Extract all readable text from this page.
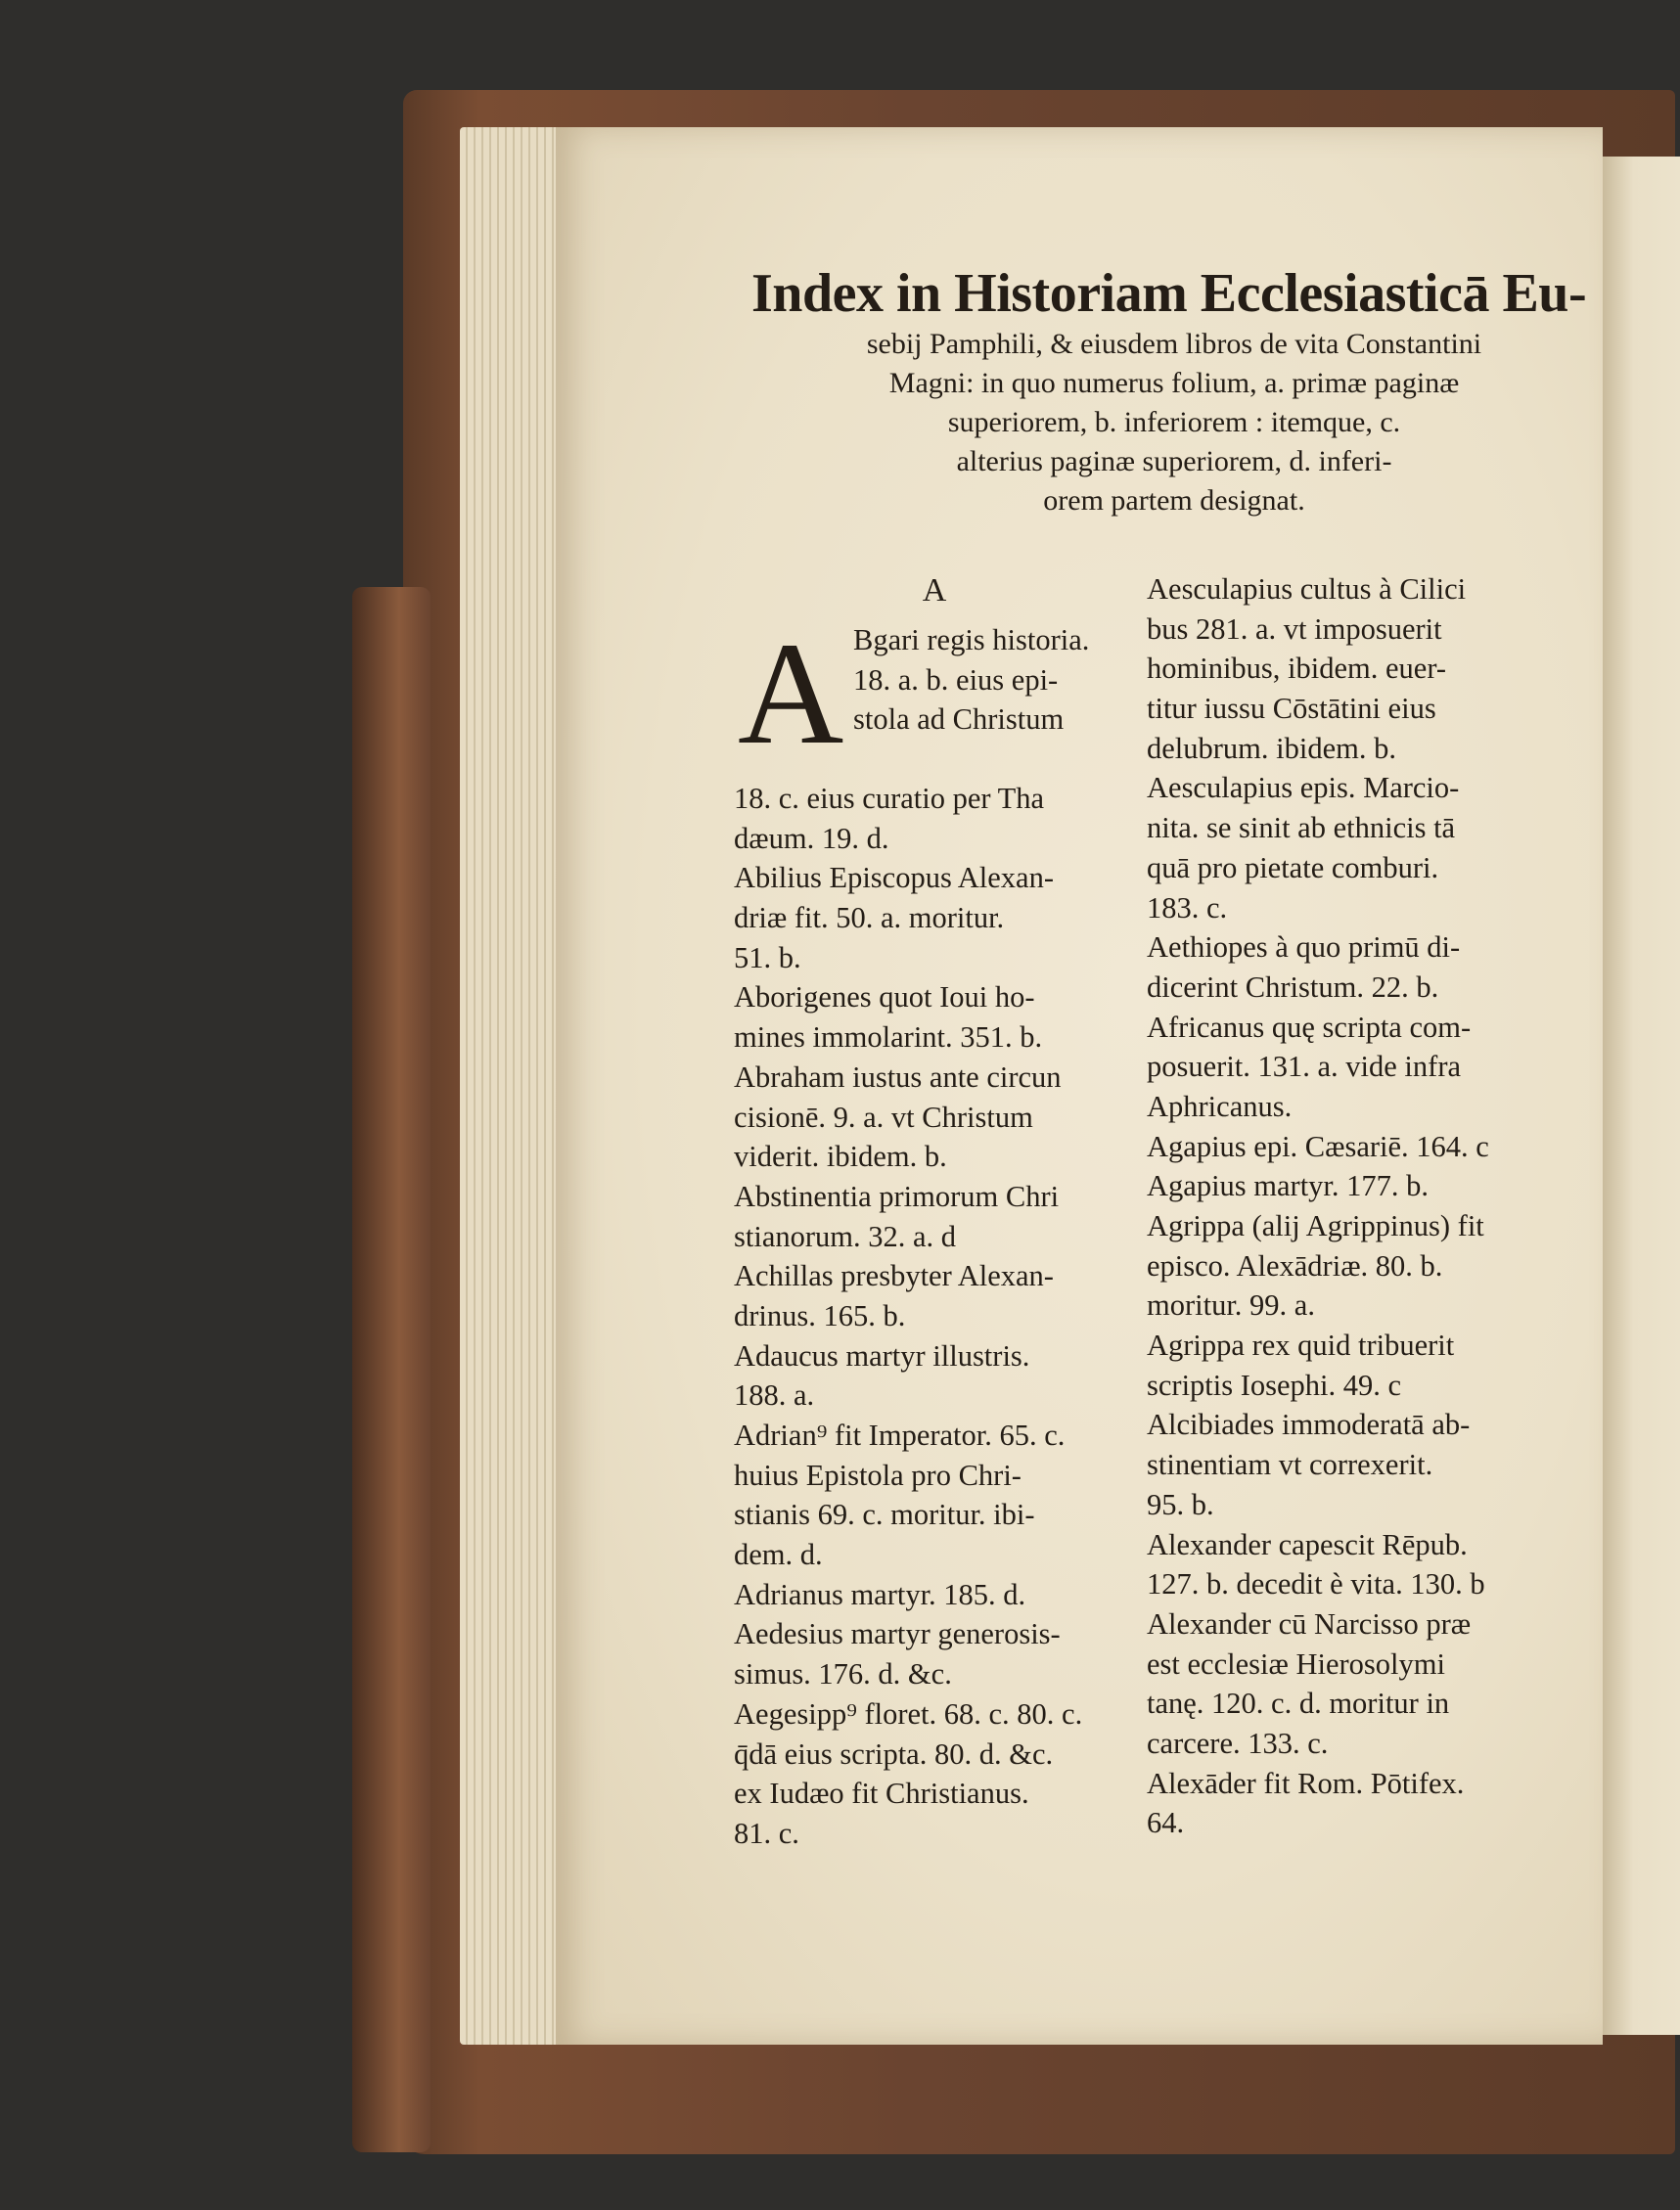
Index in Historiam Ecclesiasticā Eu-
sebij Pamphili, & eiusdem libros de vita Constantini
Magni: in quo numerus folium, a. primæ paginæ
superiorem, b. inferiorem : itemque, c.
alterius paginæ superiorem, d. inferi-
orem partem designat.
A
A Bgari regis historia.
18. a. b. eius epi-
stola ad Christum
18. c. eius curatio per Tha
dæum. 19. d.
Abilius Episcopus Alexan-
driæ fit. 50. a. moritur.
51. b.
Aborigenes quot Ioui ho-
mines immolarint. 351. b.
Abraham iustus ante circun
cisionē. 9. a. vt Christum
viderit. ibidem. b.
Abstinentia primorum Chri
stianorum. 32. a. d
Achillas presbyter Alexan-
drinus. 165. b.
Adaucus martyr illustris.
188. a.
Adrian⁹ fit Imperator. 65. c.
huius Epistola pro Chri-
stianis 69. c. moritur. ibi-
dem. d.
Adrianus martyr. 185. d.
Aedesius martyr generosis-
simus. 176. d. &c.
Aegesipp⁹ floret. 68. c. 80. c.
q̄dā eius scripta. 80. d. &c.
ex Iudæo fit Christianus.
81. c.
Aesculapius cultus à Cilici
bus 281. a. vt imposuerit
hominibus, ibidem. euer-
titur iussu Cōstātini eius
delubrum. ibidem. b.
Aesculapius epis. Marcio-
nita. se sinit ab ethnicis tā
quā pro pietate comburi.
183. c.
Aethiopes à quo primū di-
dicerint Christum. 22. b.
Africanus quę scripta com-
posuerit. 131. a. vide infra
Aphricanus.
Agapius epi. Cæsariē. 164. c
Agapius martyr. 177. b.
Agrippa (alij Agrippinus) fit
episco. Alexādriæ. 80. b.
moritur. 99. a.
Agrippa rex quid tribuerit
scriptis Iosephi. 49. c
Alcibiades immoderatā ab-
stinentiam vt correxerit.
95. b.
Alexander capescit Rēpub.
127. b. decedit è vita. 130. b
Alexander cū Narcisso præ
est ecclesiæ Hierosolymi
tanę. 120. c. d. moritur in
carcere. 133. c.
Alexāder fit Rom. Pōtifex.
64.
